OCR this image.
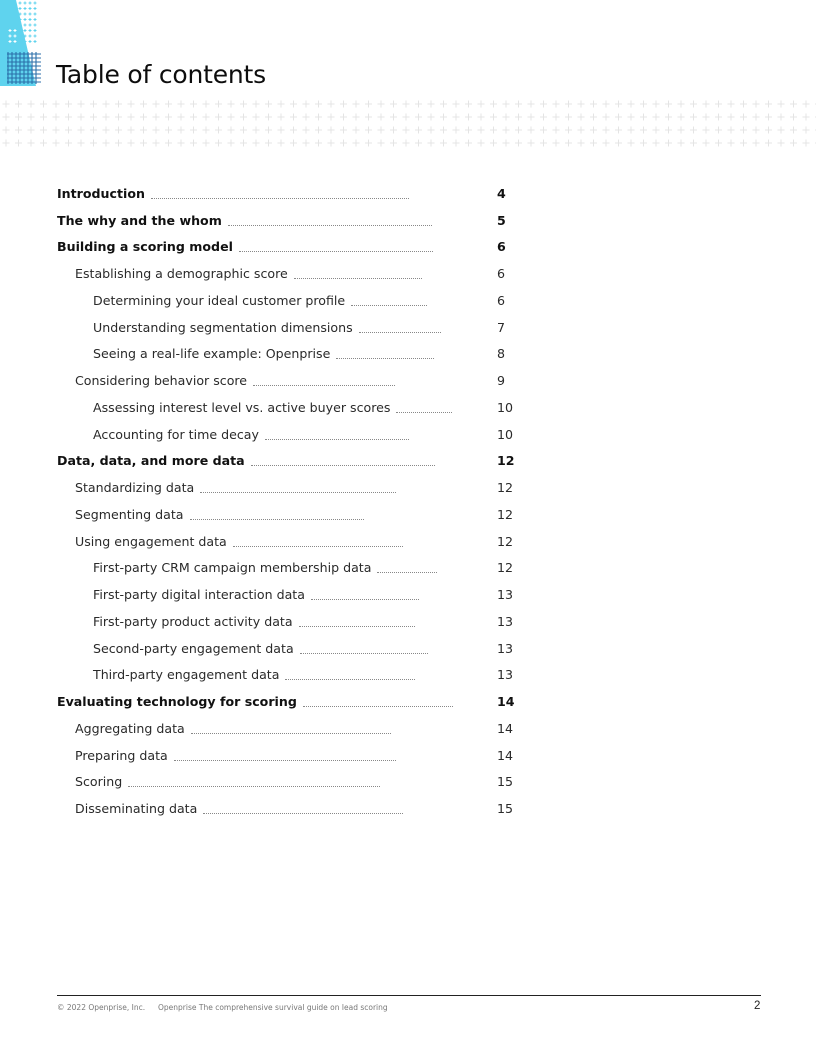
Table of contents
Introduction	4
The why and the whom	5
Building a scoring model	6
Establishing a demographic score	6
Determining your ideal customer profile	6
Understanding segmentation dimensions	7
Seeing a real-life example: Openprise	8
Considering behavior score	9
Assessing interest level vs. active buyer scores	10
Accounting for time decay	10
Data, data, and more data	12
Standardizing data	12
Segmenting data	12
Using engagement data	12
First-party CRM campaign membership data	12
First-party digital interaction data	13
First-party product activity data	13
Second-party engagement data	13
Third-party engagement data	13
Evaluating technology for scoring	14
Aggregating data	14
Preparing data	14
Scoring	15
Disseminating data	15
© 2022 Openprise, Inc. Openprise The comprehensive survival guide on lead scoring	2
